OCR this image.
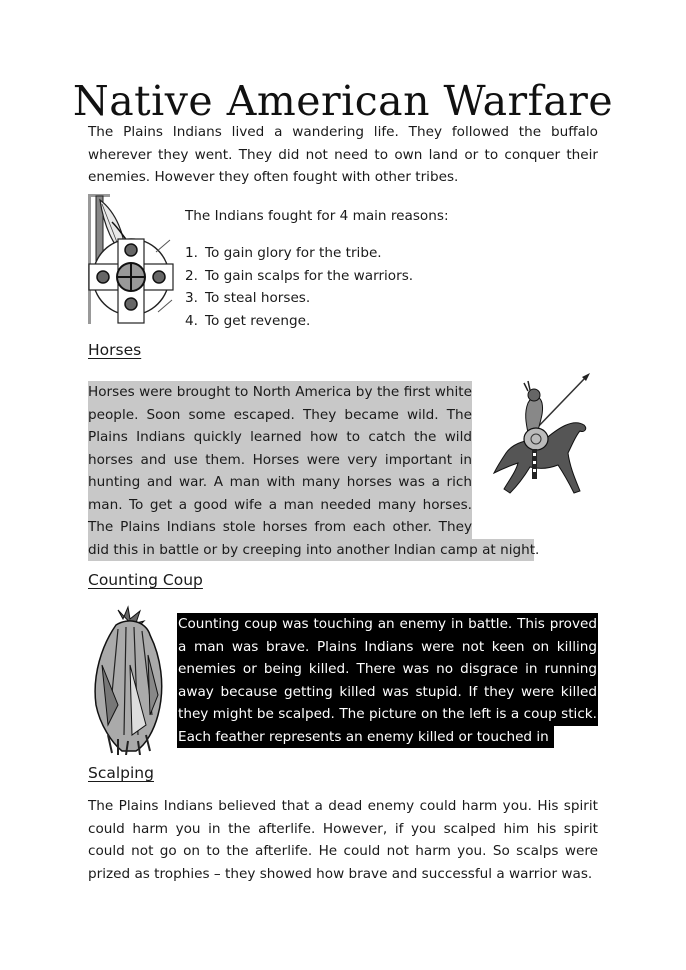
Native American Warfare

The Plains Indians lived a wandering life. They followed the buffalo wherever they went. They did not need to own land or to conquer their enemies. However they often fought with other tribes.

The Indians fought for 4 main reasons:
1. To gain glory for the tribe.
2. To gain scalps for the warriors.
3. To steal horses.
4. To get revenge.
Horses
Horses were brought to North America by the first white
people. Soon some escaped. They became wild. The
Plains Indians quickly learned how to catch the wild
horses and use them. Horses were very important in
hunting and war. A man with many horses was a rich
man. To get a good wife a man needed many horses.
The Plains Indians stole horses from each other. They
did this in battle or by creeping into another Indian camp at night.
Counting Coup
Counting coup was touching an enemy in battle. This proved
a man was brave. Plains Indians were not keen on killing
enemies or being killed. There was no disgrace in running
away because getting killed was stupid. If they were killed
they might be scalped. The picture on the left is a coup stick.
Each feather represents an enemy killed or touched in battle.
Scalping

The Plains Indians believed that a dead enemy could harm you. His spirit could harm you in the afterlife. However, if you scalped him his spirit could not go on to the afterlife. He could not harm you. So scalps were prized as trophies – they showed how brave and successful a warrior was.
